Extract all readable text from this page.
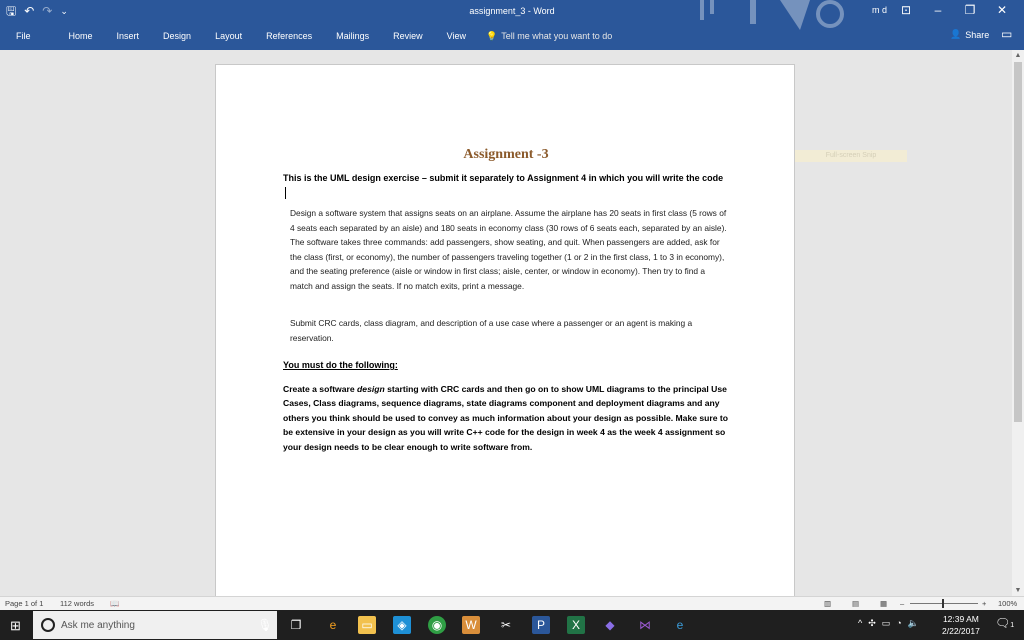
🖫 ↶ ↷ ⌄	assignment_3 - Word	m d	⊡	–	❐	✕
File	Home	Insert	Design	Layout	References	Mailings	Review	View 💡 Tell me what you want to do	👤 Share ▭
Assignment -3
This is the UML design exercise – submit it separately to Assignment 4 in which you will write the code
Design a software system that assigns seats on an airplane. Assume the airplane has 20 seats in first class (5 rows of 4 seats each separated by an aisle) and 180 seats in economy class (30 rows of 6 seats each, separated by an aisle). The software takes three commands: add passengers, show seating, and quit. When passengers are added, ask for the class (first, or economy), the number of passengers traveling together (1 or 2 in the first class, 1 to 3 in economy), and the seating preference (aisle or window in first class; aisle, center, or window in economy). Then try to find a match and assign the seats. If no match exits, print a message.
Submit CRC cards, class diagram, and description of a use case where a passenger or an agent is making a reservation.
You must do the following:
Create a software design starting with CRC cards and then go on to show UML diagrams to the principal Use Cases, Class diagrams, sequence diagrams, state diagrams component and deployment diagrams and any others you think should be used to convey as much information about your design as possible. Make sure to be extensive in your design as you will write C++ code for the design in week 4 as the week 4 assignment so your design needs to be clear enough to write software from.
Full-screen Snip
▲
▼
Page 1 of 1 112 words 📖	▥	▤	▦ –	+ 100%
⊞	Ask me anything	🎙	❐	e	▭	◈	◉	W	✂	P	X	◆	⋈	e	^ ✣ ▭ ◔ 🔈	12:39 AM
2/22/2017
🗨1
